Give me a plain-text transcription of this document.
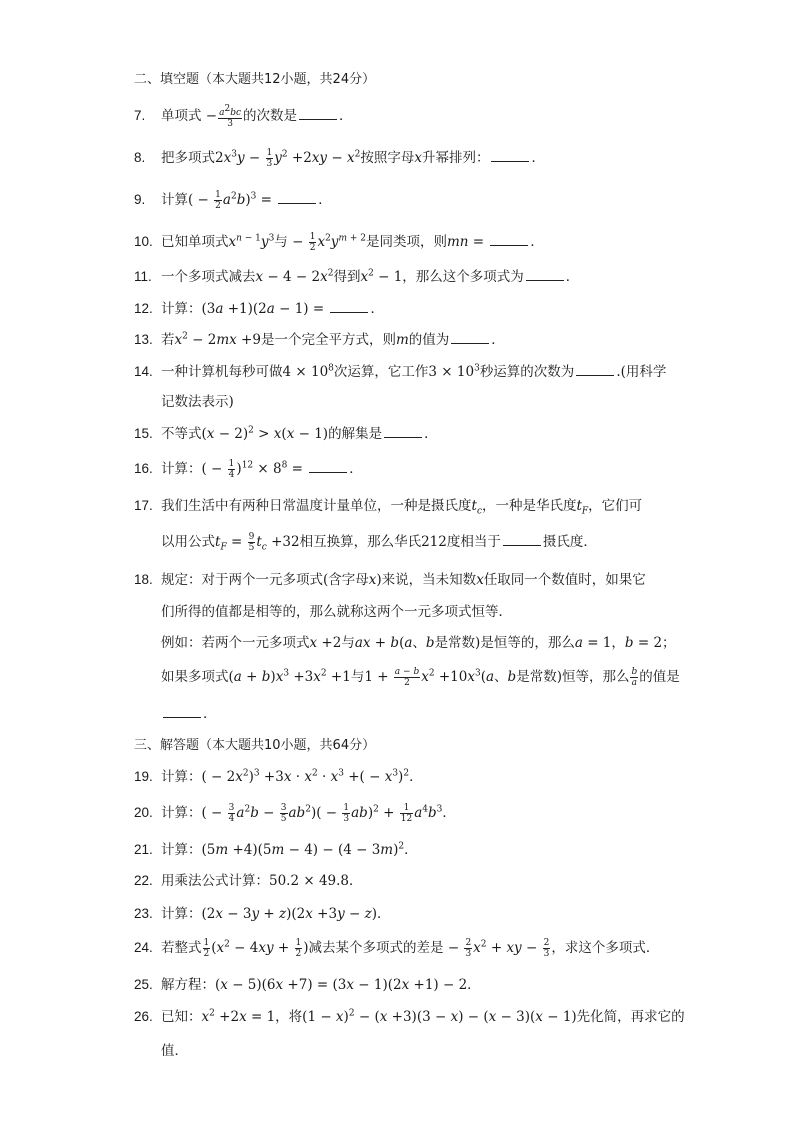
二、填空题（本大题共12小题，共24分）
7. 单项式 − $\frac{a^2bc}{3}$ 的次数是	．
8. 把多项式$2x^3y - \frac{1}{3} y^2 +2xy - x^2$按照字母x升幂排列：	．
9. 计算( − $\frac{1}{2} a^2b)^3$ =	．
10. 已知单项式$x^{n - 1}y^3$与 − $\frac{1}{2} x^2y^{m + 2}$是同类项，则mn =	．
11. 一个多项式减去$x - 4 - 2x^2$得到$x^2 - 1$，那么这个多项式为	．
12. 计算：(3a +1)(2a − 1) =	．
13. 若$x^2 - 2mx +9$是一个完全平方式，则m的值为	．
14. 一种计算机每秒可做$4 \times 10^8$次运算，它工作$3 \times 10^3$秒运算的次数为	.(用科学
记数法表示)
15. 不等式$(x - 2)^2 > x(x - 1)$的解集是	．
16. 计算：( − $\frac{1}{4} )^{12} \times 8^8$ =	．
17. 我们生活中有两种日常温度计量单位，一种是摄氏度$t_c$，一种是华氏度$t_F$，它们可
以用公式$t_F = \frac{9}{5} t_c +32$相互换算，那么华氏212度相当于	摄氏度．
18. 规定：对于两个一元多项式(含字母x)来说，当未知数x任取同一个数值时，如果它
们所得的值都是相等的，那么就称这两个一元多项式恒等．
例如：若两个一元多项式x +2与ax + b(a、b是常数)是恒等的，那么a = 1，b = 2；
如果多项式$(a + b)x^3 +3x^2 +1$与$1 + \frac{a - b}{2} x^2 +10x^3(a$、b是常数)恒等，那么 $\frac{b}{a}$ 的值是
．
三、解答题（本大题共10小题，共64分）
19. 计算：( − $2x^2)^3 +3x \cdot x^2 \cdot x^3$ +( − $x^3)^2$．
20. 计算：( − $\frac{3}{4} a^2b - \frac{3}{5} ab^2)( - \frac{1}{3} ab)^2 + \frac{1}{12} a^4b^3$．
21. 计算：$(5m +4)(5m - 4) - (4 - 3m)^2$．
22. 用乘法公式计算：50.2 × 49.8．
23. 计算：(2x − 3y + z)(2x +3y − z)．
24. 若整式 $\frac{1}{2} (x^2 - 4xy + \frac{1}{2}$ )减去某个多项式的差是 − $\frac{2}{3} x^2$ + xy − $\frac{2}{3}$ ，求这个多项式．
25. 解方程：(x − 5)(6x +7) = (3x − 1)(2x +1) − 2．
26. 已知：$x^2 +2x = 1$，将$(1 - x)^2 - (x +3)(3 - x) - (x - 3)(x - 1)$先化简，再求它的
值．
